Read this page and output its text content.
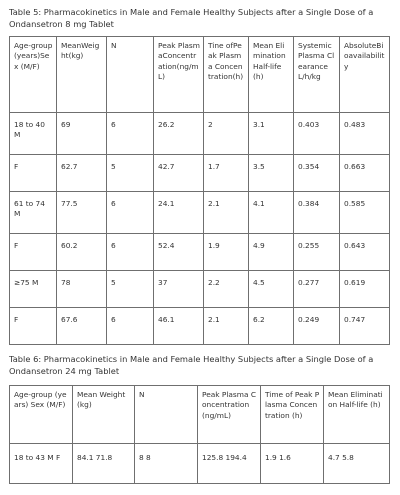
Table 5: Pharmacokinetics in Male and Female Healthy Subjects after a Single Dose of a Ondansetron 8 mg Tablet
Age-group(years)Sex (M/F)	MeanWeight(kg)	N	Peak PlasmaConcentration(ng/mL)	Tine ofPeak Plasma Concentration(h)	Mean Elimination Half-life(h)	Systemic Plasma Clearance L/h/kg	AbsoluteBioavailability
18 to 40 M	69	6	26.2	2	3.1	0.403	0.483
F	62.7	5	42.7	1.7	3.5	0.354	0.663
61 to 74 M	77.5	6	24.1	2.1	4.1	0.384	0.585
F	60.2	6	52.4	1.9	4.9	0.255	0.643
≥75 M	78	5	37	2.2	4.5	0.277	0.619
F	67.6	6	46.1	2.1	6.2	0.249	0.747
Table 6: Pharmacokinetics in Male and Female Healthy Subjects after a Single Dose of a Ondansetron 24 mg Tablet
Age-group (years) Sex (M/F)	Mean Weight (kg)	N	Peak Plasma Concentration (ng/mL)	Time of Peak Plasma Concentration (h)	Mean Elimination Half-life (h)
18 to 43 M F	84.1 71.8	8 8	125.8 194.4	1.9 1.6	4.7 5.8
